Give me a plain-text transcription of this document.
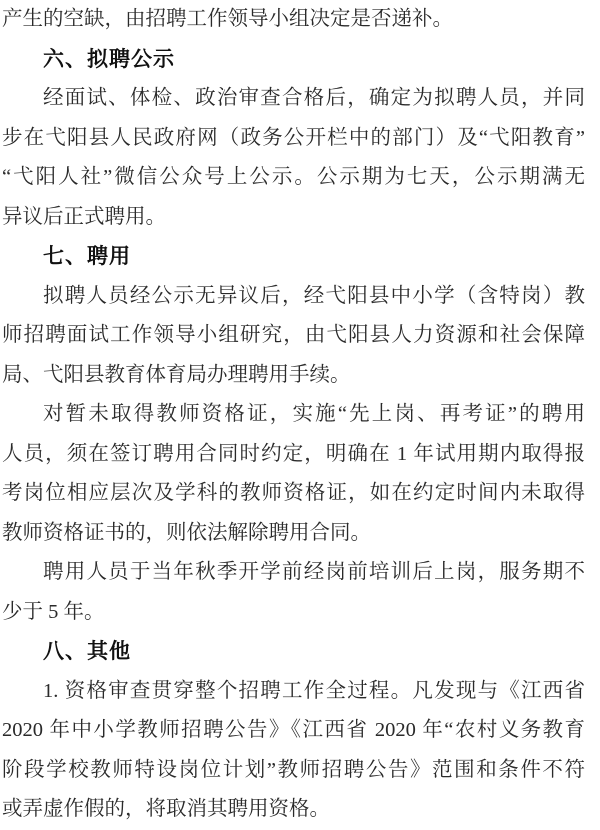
产生的空缺，由招聘工作领导小组决定是否递补。
六、拟聘公示
经面试、体检、政治审查合格后，确定为拟聘人员，并同
步在弋阳县人民政府网（政务公开栏中的部门）及“弋阳教育”
“弋阳人社”微信公众号上公示。公示期为七天，公示期满无
异议后正式聘用。
七、聘用
拟聘人员经公示无异议后，经弋阳县中小学（含特岗）教
师招聘面试工作领导小组研究，由弋阳县人力资源和社会保障
局、弋阳县教育体育局办理聘用手续。
对暂未取得教师资格证，实施“先上岗、再考证”的聘用
人员，须在签订聘用合同时约定，明确在 1 年试用期内取得报
考岗位相应层次及学科的教师资格证，如在约定时间内未取得
教师资格证书的，则依法解除聘用合同。
聘用人员于当年秋季开学前经岗前培训后上岗，服务期不
少于 5 年。
八、其他
1. 资格审查贯穿整个招聘工作全过程。凡发现与《江西省
2020 年中小学教师招聘公告》《江西省 2020 年“农村义务教育
阶段学校教师特设岗位计划”教师招聘公告》范围和条件不符
或弄虚作假的，将取消其聘用资格。
